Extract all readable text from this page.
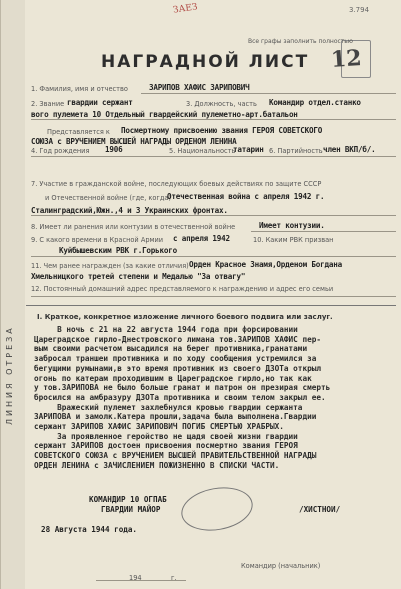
ЛИНИЯ ОТРЕЗА
3.794
ЗАЕЗ
12
Все графы заполнить полностью
НАГРАДНОЙ ЛИСТ
1. Фамилия, имя и отчество	ЗАРИПОВ ХАФИС ЗАРИПОВИЧ
2. Звание гвардии сержант	3. Должность, часть Командир отдел.станко
вого пулемета 10 Отдельный гвардейский пулеметно-арт.батальон
Представляется к Посмертному присвоению звания ГЕРОЯ СОВЕТСКОГО
СОЮЗА с ВРУЧЕНИЕМ ВЫСШЕЙ НАГРАДЫ ОРДЕНОМ ЛЕНИНА
4. Год рождения 1906	5. Национальность
татарин 6. Партийность член ВКП/б/.
7. Участие в гражданской войне, последующих боевых действиях по защите СССР
и Отечественной войне (где, когда)
Отечественная война с апреля 1942 г.
Сталинградский,Южн.,4 и 3 Украинских фронтах.
8. Имеет ли ранения или контузии в отечественной войне	Имеет контузии.
9. С какого времени в Красной Армии с апреля 1942	10. Каким РВК призван
Куйбышевским РВК г.Горького
11. Чем ранее награжден (за какие отличия) Орден Красное Знамя,Орденом Богдана
Хмельницкого третей степени и Медалью "За отвагу"
12. Постоянный домашний адрес представляемого к награждению и адрес его семьи
I. Краткое, конкретное изложение личного боевого подвига или заслуг.

В ночь с 21 на 22 августа 1944 года при форсировании

Цареградское гирло-Днестровского лимана тов.ЗАРИПОВ ХАФИС пер-

вым своими расчетом высадился на берег противника,гранатами

забросал траншеи противника и по ходу сообщения устремился за

бегущими румынами,в это время противник из своего ДЗОТа открыл

огонь по катерам проходившим в Цареградское гирло,но так как

у тов.ЗАРИПОВА не было больше гранат и патрон он презирая смерть

бросился на амбразуру ДЗОТа противника и своим телом закрыл ее.

Вражеский пулемет захлебнулся кровью гвардии сержанта

ЗАРИПОВА и замолк.Катера прошли,задача была выполнена.Гвардии

сержант ЗАРИПОВ ХАФИС ЗАРИПОВИЧ ПОГИБ СМЕРТЬЮ ХРАБРЫХ.

За проявленное геройство не щадя своей жизни гвардии

сержант ЗАРИПОВ достоен присвоения посмертно звания ГЕРОЯ

СОВЕТСКОГО СОЮЗА с ВРУЧЕНИЕМ ВЫСШЕЙ ПРАВИТЕЛЬСТВЕННОЙ НАГРАДЫ

ОРДЕН ЛЕНИНА с ЗАЧИСЛЕНИЕМ ПОЖИЗНЕННО В СПИСКИ ЧАСТИ.

КОМАНДИР 10 ОГПАБ
ГВАРДИИ МАЙОР	/ХИСТНОИ/
28 Августа 1944 года.
Командир (начальник)
194	г.
